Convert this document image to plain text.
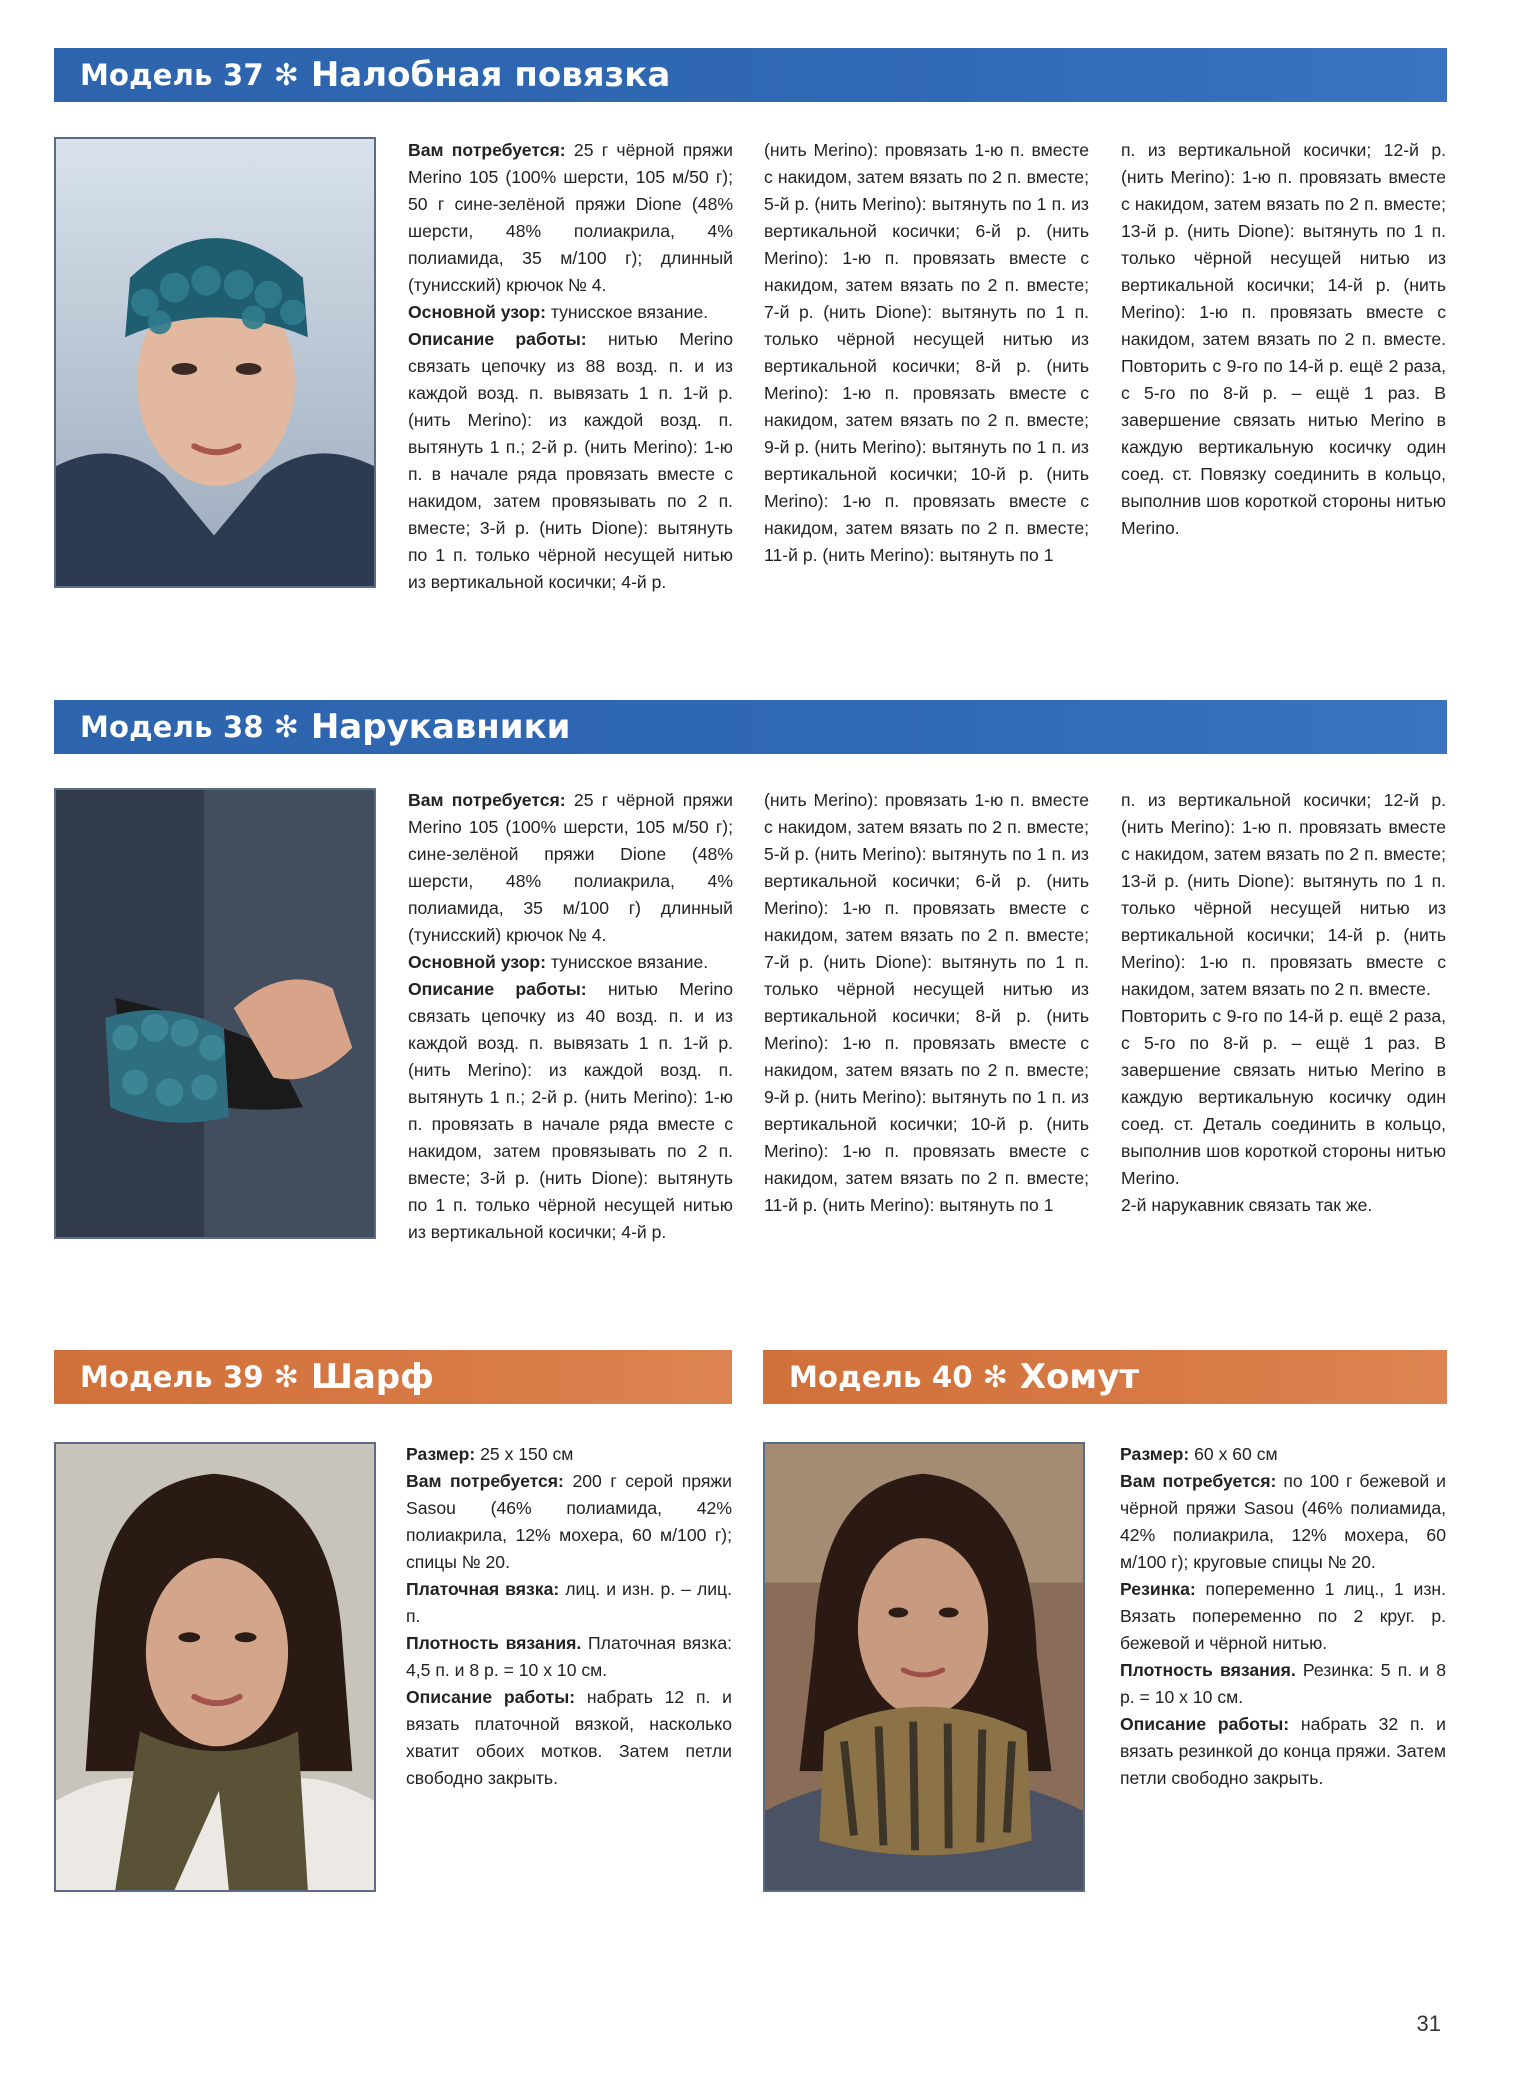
Модель 37 ✻ Налобная повязка
Модель 38 ✻ Нарукавники
Модель 39 ✻ Шарф	Модель 40 ✻ Хомут

Вам потребуется: 25 г чёрной пряжи Merino 105 (100% шерсти, 105 м/50 г); 50 г сине-зелёной пряжи Dione (48% шерсти, 48% полиакрила, 4% полиамида, 35 м/100 г); длинный (тунисский) крючок № 4.

Основной узор: тунисское вязание.

Описание работы: нитью Merino связать цепочку из 88 возд. п. и из каждой возд. п. вывязать 1 п. 1-й р. (нить Merino): из каждой возд. п. вытянуть 1 п.; 2-й р. (нить Merino): 1-ю п. в начале ряда провязать вместе с накидом, затем провязывать по 2 п. вместе; 3-й р. (нить Dione): вытянуть по 1 п. только чёрной несущей нитью из вертикальной косички; 4-й р.

(нить Merino): провязать 1-ю п. вместе с накидом, затем вязать по 2 п. вместе; 5-й р. (нить Merino): вытянуть по 1 п. из вертикальной косички; 6-й р. (нить Merino): 1-ю п. провязать вместе с накидом, затем вязать по 2 п. вместе; 7-й р. (нить Dione): вытянуть по 1 п. только чёрной несущей нитью из вертикальной косички; 8-й р. (нить Merino): 1-ю п. провязать вместе с накидом, затем вязать по 2 п. вместе; 9-й р. (нить Merino): вытянуть по 1 п. из вертикальной косички; 10-й р. (нить Merino): 1-ю п. провязать вместе с накидом, затем вязать по 2 п. вместе; 11-й р. (нить Merino): вытянуть по 1

п. из вертикальной косички; 12-й р. (нить Merino): 1-ю п. провязать вместе с накидом, затем вязать по 2 п. вместе; 13-й р. (нить Dione): вытянуть по 1 п. только чёрной несущей нитью из вертикальной косички; 14-й р. (нить Merino): 1-ю п. провязать вместе с накидом, затем вязать по 2 п. вместе. Повторить с 9-го по 14-й р. ещё 2 раза, с 5-го по 8-й р. – ещё 1 раз. В завершение связать нитью Merino в каждую вертикальную косичку один соед. ст. Повязку соединить в кольцо, выполнив шов короткой стороны нитью Merino.

Вам потребуется: 25 г чёрной пряжи Merino 105 (100% шерсти, 105 м/50 г); сине-зелёной пряжи Dione (48% шерсти, 48% полиакрила, 4% полиамида, 35 м/100 г) длинный (тунисский) крючок № 4.

Основной узор: тунисское вязание.

Описание работы: нитью Merino связать цепочку из 40 возд. п. и из каждой возд. п. вывязать 1 п. 1-й р. (нить Merino): из каждой возд. п. вытянуть 1 п.; 2-й р. (нить Merino): 1-ю п. провязать в начале ряда вместе с накидом, затем провязывать по 2 п. вместе; 3-й р. (нить Dione): вытянуть по 1 п. только чёрной несущей нитью из вертикальной косички; 4-й р.

(нить Merino): провязать 1-ю п. вместе с накидом, затем вязать по 2 п. вместе; 5-й р. (нить Merino): вытянуть по 1 п. из вертикальной косички; 6-й р. (нить Merino): 1-ю п. провязать вместе с накидом, затем вязать по 2 п. вместе; 7-й р. (нить Dione): вытянуть по 1 п. только чёрной несущей нитью из вертикальной косички; 8-й р. (нить Merino): 1-ю п. провязать вместе с накидом, затем вязать по 2 п. вместе; 9-й р. (нить Merino): вытянуть по 1 п. из вертикальной косички; 10-й р. (нить Merino): 1-ю п. провязать вместе с накидом, затем вязать по 2 п. вместе; 11-й р. (нить Merino): вытянуть по 1

п. из вертикальной косички; 12-й р. (нить Merino): 1-ю п. провязать вместе с накидом, затем вязать по 2 п. вместе; 13-й р. (нить Dione): вытянуть по 1 п. только чёрной несущей нитью из вертикальной косички; 14-й р. (нить Merino): 1-ю п. провязать вместе с накидом, затем вязать по 2 п. вместе.

Повторить с 9-го по 14-й р. ещё 2 раза, с 5-го по 8-й р. – ещё 1 раз. В завершение связать нитью Merino в каждую вертикальную косичку один соед. ст. Деталь соединить в кольцо, выполнив шов короткой стороны нитью Merino.

2-й нарукавник связать так же.

Размер: 25 x 150 см

Вам потребуется: 200 г серой пряжи Sasou (46% полиамида, 42% полиакрила, 12% мохера, 60 м/100 г); спицы № 20.

Платочная вязка: лиц. и изн. р. – лиц. п.

Плотность вязания. Платочная вязка: 4,5 п. и 8 р. = 10 x 10 см.

Описание работы: набрать 12 п. и вязать платочной вязкой, насколько хватит обоих мотков. Затем петли свободно закрыть.

Размер: 60 x 60 см

Вам потребуется: по 100 г бежевой и чёрной пряжи Sasou (46% полиамида, 42% полиакрила, 12% мохера, 60 м/100 г); круговые спицы № 20.

Резинка: попеременно 1 лиц., 1 изн. Вязать попеременно по 2 круг. р. бежевой и чёрной нитью.

Плотность вязания. Резинка: 5 п. и 8 р. = 10 x 10 см.

Описание работы: набрать 32 п. и вязать резинкой до конца пряжи. Затем петли свободно закрыть.

31
